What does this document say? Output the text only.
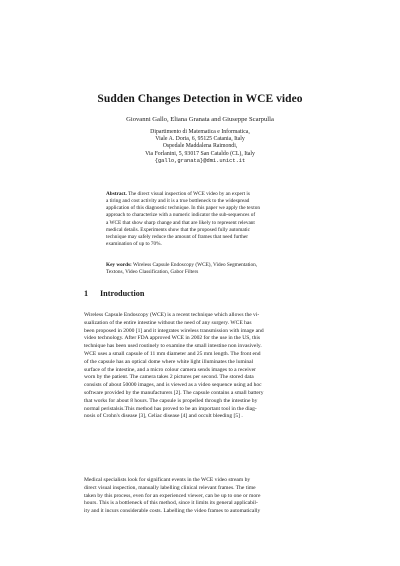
Sudden Changes Detection in WCE video
Giovanni Gallo, Eliana Granata and Giuseppe Scarpulla
Dipartimento di Matematica e Informatica,
Viale A. Doria, 6, 95125 Catania, Italy
Ospedale Maddalena Raimondi,
Via Forlanini, 5, 93017 San Cataldo (CL), Italy
{gallo,granata}@dmi.unict.it
Abstract. The direct visual inspection of WCE video by an expert is
a tiring and cost activity and it is a true bottleneck to the widespread
application of this diagnostic technique. In this paper we apply the texton
approach to characterize with a numeric indicator the sub-sequences of
a WCE that show sharp change and that are likely to represent relevant
medical details. Experiments show that the proposed fully automatic
technique may safely reduce the amount of frames that need further
examination of up to 70%.
Key words: Wireless Capsule Endoscopy (WCE), Video Segmentation,
Textons, Video Classification, Gabor Filters
1 Introduction
Wireless Capsule Endoscopy (WCE) is a recent technique which allows the vi-
sualization of the entire intestine without the need of any surgery. WCE has
been proposed in 2000 [1] and it integrates wireless transmission with image and
video technology. After FDA approved WCE in 2002 for the use in the US, this
technique has been used routinely to examine the small intestine non invasively.
WCE uses a small capsule of 11 mm diameter and 25 mm length. The front end
of the capsule has an optical dome where white light illuminates the luminal
surface of the intestine, and a micro colour camera sends images to a receiver
worn by the patient. The camera takes 2 pictures per second. The stored data
consists of about 50000 images, and is viewed as a video sequence using ad hoc
software provided by the manufacturers [2]. The capsule contains a small battery
that works for about 8 hours. The capsule is propelled through the intestine by
normal peristalsis.This method has proved to be an important tool in the diag-
nosis of Crohn's disease [3], Celiac disease [4] and occult bleeding [5] .
Medical specialists look for significant events in the WCE video stream by
direct visual inspection, manually labelling clinical relevant frames. The time
taken by this process, even for an experienced viewer, can be up to one or more
hours. This is a bottleneck of this method, since it limits its general applicabil-
ity and it incurs considerable costs. Labelling the video frames to automatically
